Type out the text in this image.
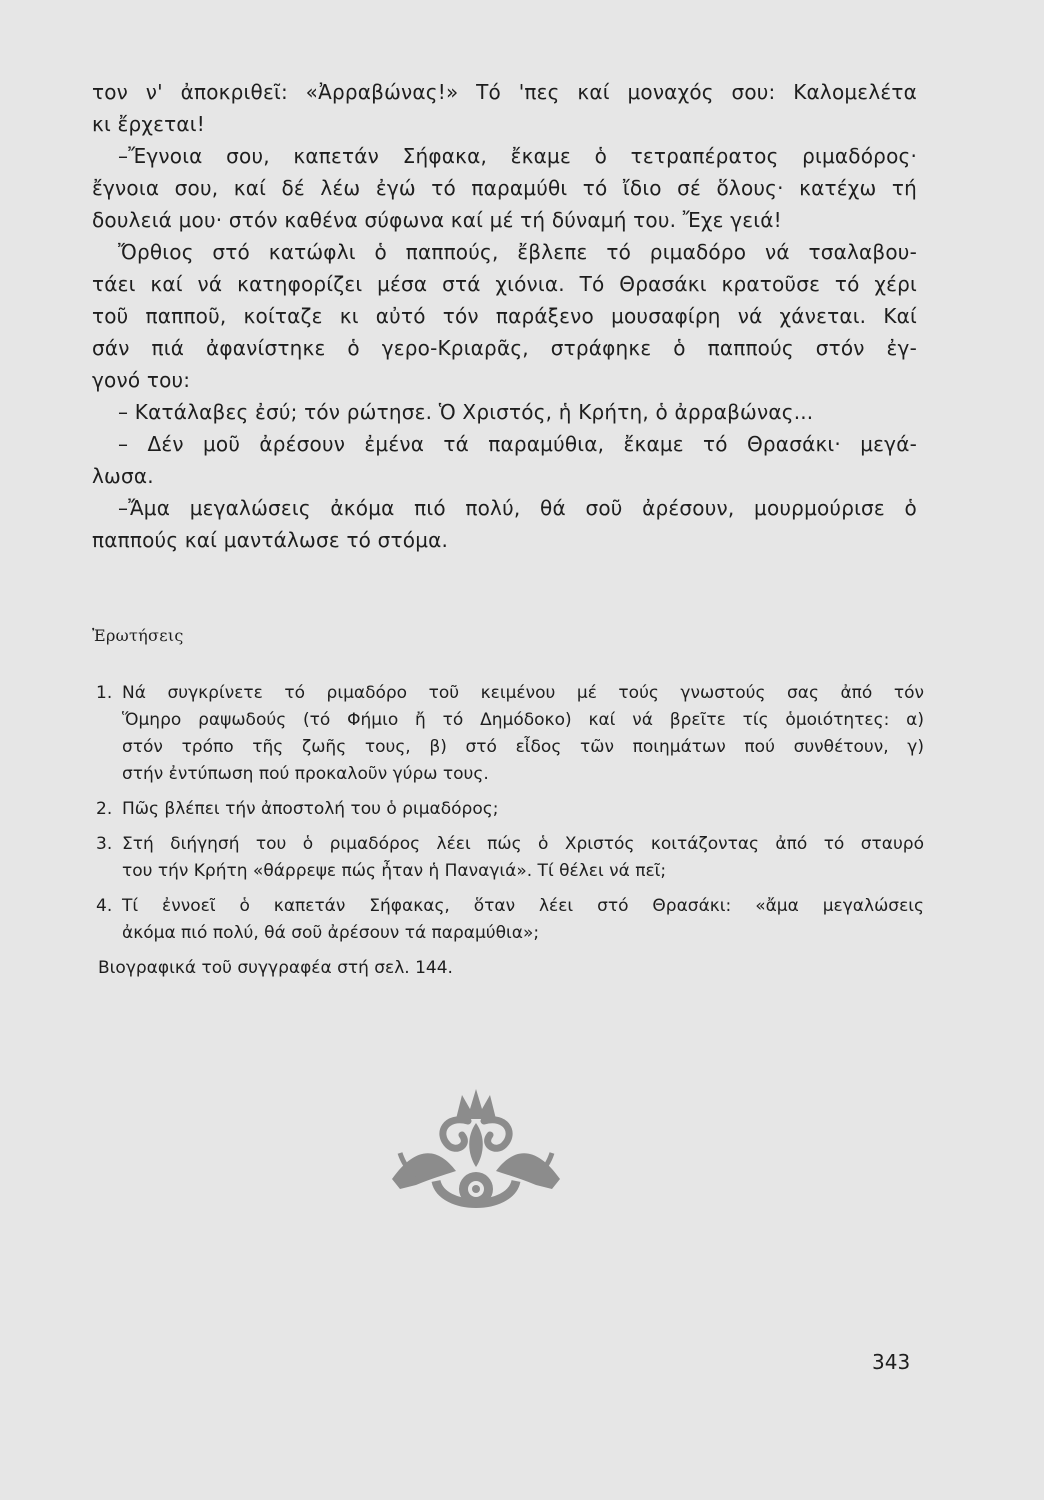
τον ν' ἀποκριθεῖ: «Ἀρραβώνας!» Τό 'πες καί μοναχός σου: Καλομελέτα
κι ἔρχεται!
–Ἔγνοια σου, καπετάν Σήφακα, ἔκαμε ὁ τετραπέρατος ριμαδόρος·
ἔγνοια σου, καί δέ λέω ἐγώ τό παραμύθι τό ἴδιο σέ ὅλους· κατέχω τή
δουλειά μου· στόν καθένα σύφωνα καί μέ τή δύναμή του. Ἔχε γειά!
Ὄρθιος στό κατώφλι ὁ παππούς, ἔβλεπε τό ριμαδόρο νά τσαλαβου-
τάει καί νά κατηφορίζει μέσα στά χιόνια. Τό Θρασάκι κρατοῦσε τό χέρι
τοῦ παπποῦ, κοίταζε κι αὐτό τόν παράξενο μουσαφίρη νά χάνεται. Καί
σάν πιά ἀφανίστηκε ὁ γερο-Κριαρᾶς, στράφηκε ὁ παππούς στόν ἐγ-
γονό του:
– Κατάλαβες ἐσύ; τόν ρώτησε. Ὁ Χριστός, ἡ Κρήτη, ὁ ἀρραβώνας...
– Δέν μοῦ ἀρέσουν ἐμένα τά παραμύθια, ἔκαμε τό Θρασάκι· μεγά-
λωσα.
–Ἄμα μεγαλώσεις ἀκόμα πιό πολύ, θά σοῦ ἀρέσουν, μουρμούρισε ὁ
παππούς καί μαντάλωσε τό στόμα.
Ἐρωτήσεις
1. Νά συγκρίνετε τό ριμαδόρο τοῦ κειμένου μέ τούς γνωστούς σας ἀπό τόν
Ὅμηρο ραψωδούς (τό Φήμιο ἤ τό Δημόδοκο) καί νά βρεῖτε τίς ὁμοιότητες: α)
στόν τρόπο τῆς ζωῆς τους, β) στό εἶδος τῶν ποιημάτων πού συνθέτουν, γ)
στήν ἐντύπωση πού προκαλοῦν γύρω τους.
2. Πῶς βλέπει τήν ἀποστολή του ὁ ριμαδόρος;
3. Στή διήγησή του ὁ ριμαδόρος λέει πώς ὁ Χριστός κοιτάζοντας ἀπό τό σταυρό
του τήν Κρήτη «θάρρεψε πώς ἦταν ἡ Παναγιά». Τί θέλει νά πεῖ;
4. Τί ἐννοεῖ ὁ καπετάν Σήφακας, ὅταν λέει στό Θρασάκι: «ἄμα μεγαλώσεις
ἀκόμα πιό πολύ, θά σοῦ ἀρέσουν τά παραμύθια»;
Βιογραφικά τοῦ συγγραφέα στή σελ. 144.
343
